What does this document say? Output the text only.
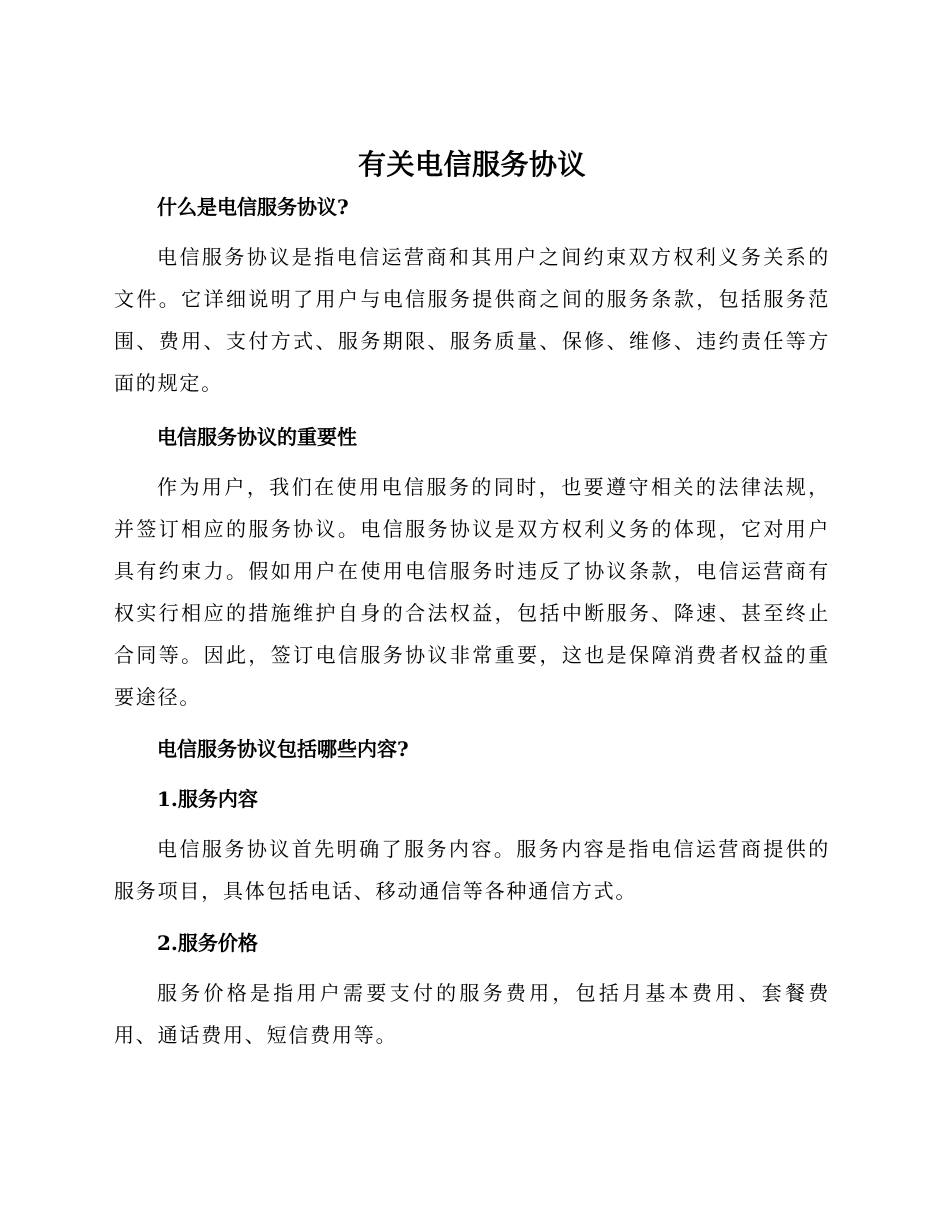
有关电信服务协议
什么是电信服务协议?

电信服务协议是指电信运营商和其用户之间约束双方权利义务关系的文件。它详细说明了用户与电信服务提供商之间的服务条款，包括服务范围、费用、支付方式、服务期限、服务质量、保修、维修、违约责任等方面的规定。

电信服务协议的重要性

作为用户，我们在使用电信服务的同时，也要遵守相关的法律法规，并签订相应的服务协议。电信服务协议是双方权利义务的体现，它对用户具有约束力。假如用户在使用电信服务时违反了协议条款，电信运营商有权实行相应的措施维护自身的合法权益，包括中断服务、降速、甚至终止合同等。因此，签订电信服务协议非常重要，这也是保障消费者权益的重要途径。

电信服务协议包括哪些内容?
1.服务内容

电信服务协议首先明确了服务内容。服务内容是指电信运营商提供的服务项目，具体包括电话、移动通信等各种通信方式。

2.服务价格

服务价格是指用户需要支付的服务费用，包括月基本费用、套餐费用、通话费用、短信费用等。
